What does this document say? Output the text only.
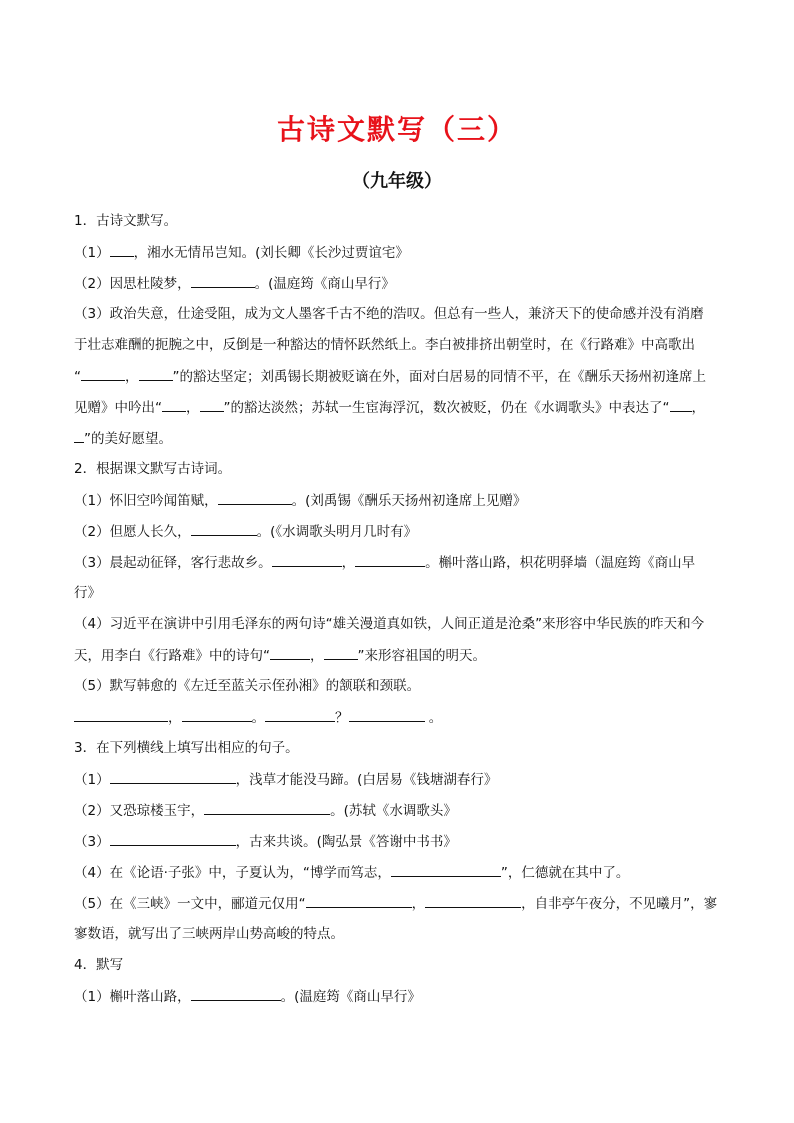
古诗文默写（三）
（九年级）
1．古诗文默写。
（1） ，湘水无情吊岂知。(刘长卿《长沙过贾谊宅》
（2）因思杜陵梦，	。(温庭筠《商山早行》
（3）政治失意，仕途受阻，成为文人墨客千古不绝的浩叹。但总有一些人，兼济天下的使命感并没有消磨
于壮志难酬的扼腕之中，反倒是一种豁达的情怀跃然纸上。李白被排挤出朝堂时，在《行路难》中高歌出
“	，	”的豁达坚定；刘禹锡长期被贬谪在外，面对白居易的同情不平，在《酬乐天扬州初逢席上
见赠》中吟出“ ， ”的豁达淡然；苏轼一生宦海浮沉，数次被贬，仍在《水调歌头》中表达了“ ，
”的美好愿望。
2．根据课文默写古诗词。
（1）怀旧空吟闻笛赋，	。(刘禹锡《酬乐天扬州初逢席上见赠》
（2）但愿人长久，	。(《水调歌头明月几时有》
（3）晨起动征铎，客行悲故乡。	，	。槲叶落山路，枳花明驿墙（温庭筠《商山早
行》
（4）习近平在演讲中引用毛泽东的两句诗“雄关漫道真如铁，人间正道是沧桑”来形容中华民族的昨天和今
天，用李白《行路难》中的诗句“	，	”来形容祖国的明天。
（5）默写韩愈的《左迁至蓝关示侄孙湘》的颔联和颈联。
，	。	？	。
3．在下列横线上填写出相应的句子。
（1）	，浅草才能没马蹄。(白居易《钱塘湖春行》
（2）又恐琼楼玉宇，	。(苏轼《水调歌头》
（3）	，古来共谈。(陶弘景《答谢中书书》
（4）在《论语·子张》中，子夏认为，“博学而笃志，	”，仁德就在其中了。
（5）在《三峡》一文中，郦道元仅用“	，	，自非亭午夜分，不见曦月”，寥
寥数语，就写出了三峡两岸山势高峻的特点。
4．默写
（1）槲叶落山路，	。(温庭筠《商山早行》
